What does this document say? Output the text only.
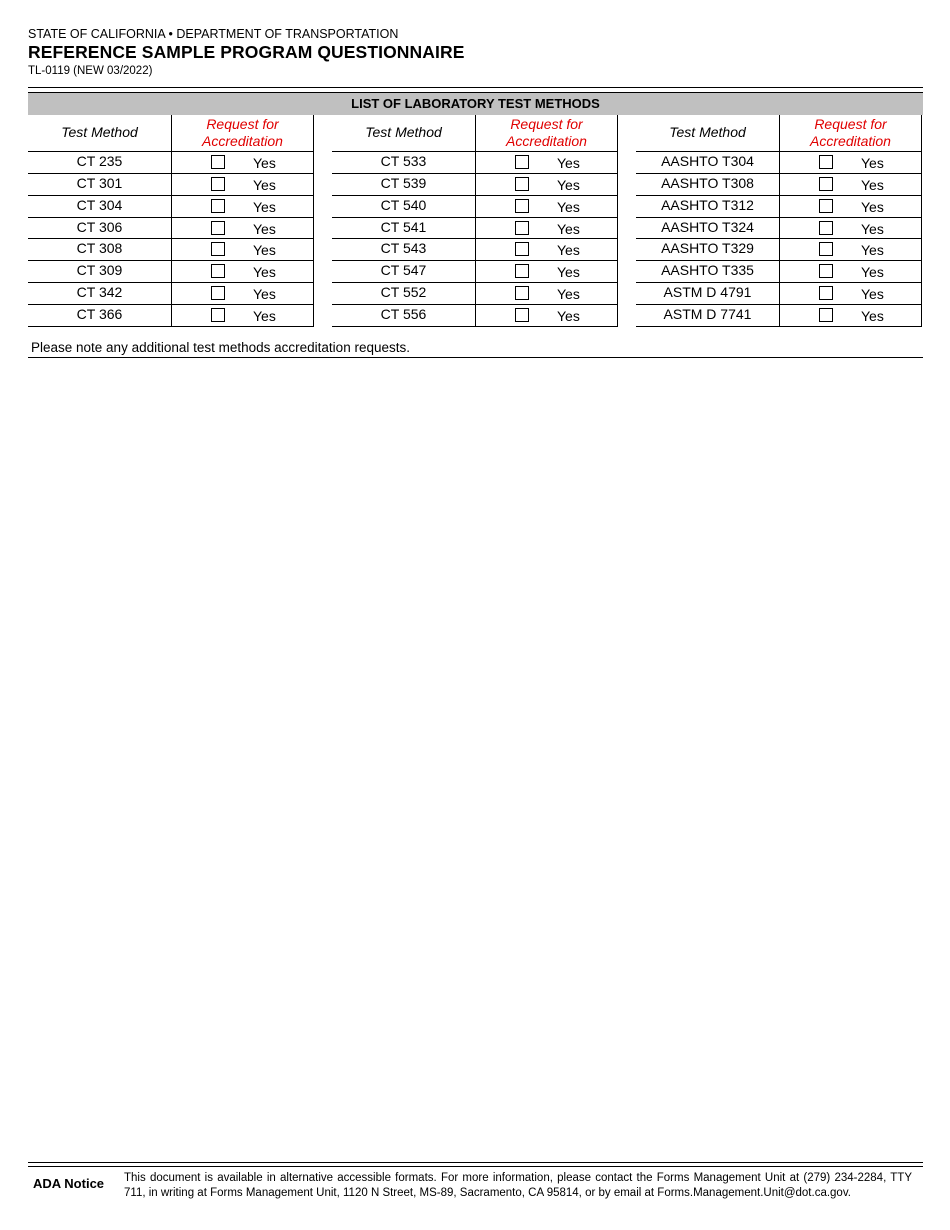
STATE OF CALIFORNIA • DEPARTMENT OF TRANSPORTATION
REFERENCE SAMPLE PROGRAM QUESTIONNAIRE
TL-0119 (NEW 03/2022)
LIST OF LABORATORY TEST METHODS
Test Method	Request for Accreditation
CT 235	Yes
CT 301	Yes
CT 304	Yes
CT 306	Yes
CT 308	Yes
CT 309	Yes
CT 342	Yes
CT 366	Yes
Test Method	Request for Accreditation
CT 533	Yes
CT 539	Yes
CT 540	Yes
CT 541	Yes
CT 543	Yes
CT 547	Yes
CT 552	Yes
CT 556	Yes
Test Method	Request for Accreditation
AASHTO T304	Yes
AASHTO T308	Yes
AASHTO T312	Yes
AASHTO T324	Yes
AASHTO T329	Yes
AASHTO T335	Yes
ASTM D 4791	Yes
ASTM D 7741	Yes
Please note any additional test methods accreditation requests.
ADA Notice This document is available in alternative accessible formats. For more information, please contact the Forms Management Unit at (279) 234-2284, TTY 711, in writing at Forms Management Unit, 1120 N Street, MS-89, Sacramento, CA 95814, or by email at Forms.Management.Unit@dot.ca.gov.
